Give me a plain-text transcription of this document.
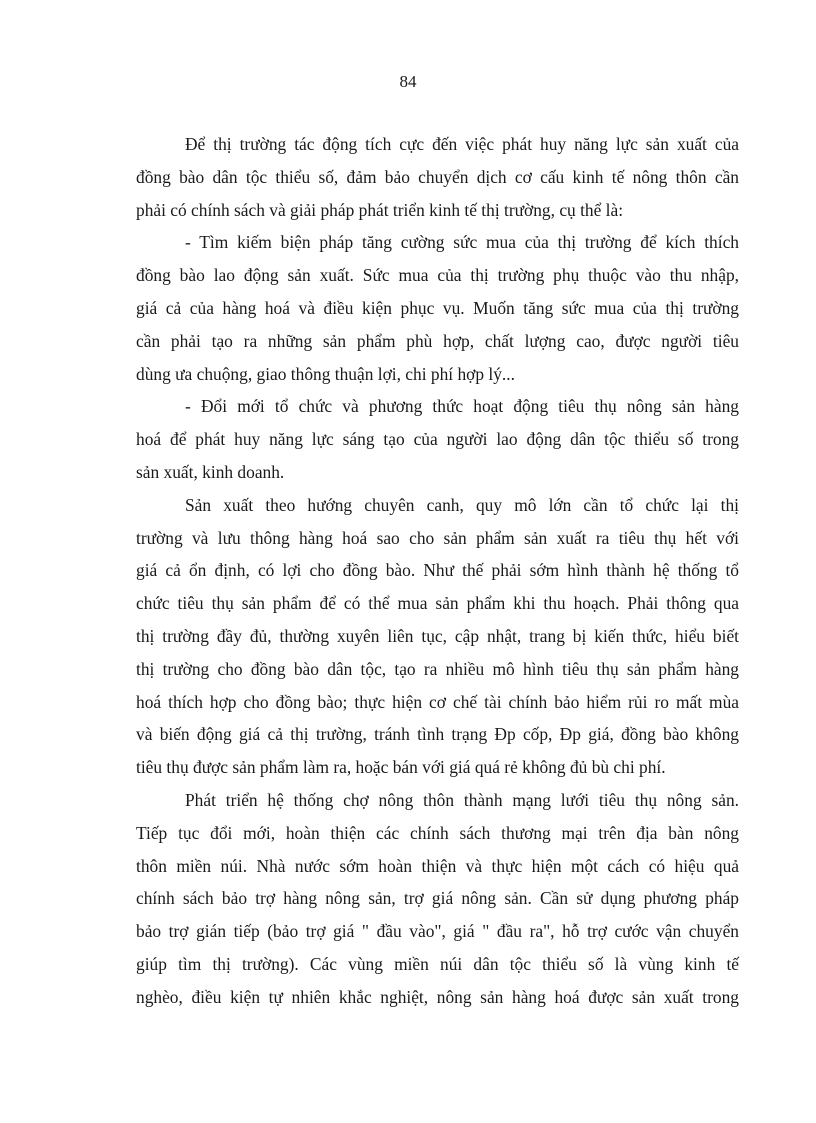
84

Để thị trường tác động tích cực đến việc phát huy năng lực sản xuất của
đồng bào dân tộc thiểu số, đảm bảo chuyển dịch cơ cấu kinh tế nông thôn cần
phải có chính sách và giải pháp phát triển kinh tế thị trường, cụ thể là:

- Tìm kiếm biện pháp tăng cường sức mua của thị trường để kích thích
đồng bào lao động sản xuất. Sức mua của thị trường phụ thuộc vào thu nhập,
giá cả của hàng hoá và điều kiện phục vụ. Muốn tăng sức mua của thị trường
cần phải tạo ra những sản phẩm phù hợp, chất lượng cao, được người tiêu
dùng ưa chuộng, giao thông thuận lợi, chi phí hợp lý...

- Đổi mới tổ chức và phương thức hoạt động tiêu thụ nông sản hàng
hoá để phát huy năng lực sáng tạo của người lao động dân tộc thiểu số trong
sản xuất, kinh doanh.

Sản xuất theo hướng chuyên canh, quy mô lớn cần tổ chức lại thị
trường và lưu thông hàng hoá sao cho sản phẩm sản xuất ra tiêu thụ hết với
giá cả ổn định, có lợi cho đồng bào. Như thế phải sớm hình thành hệ thống tổ
chức tiêu thụ sản phẩm để có thể mua sản phẩm khi thu hoạch. Phải thông qua
thị trường đầy đủ, thường xuyên liên tục, cập nhật, trang bị kiến thức, hiểu biết
thị trường cho đồng bào dân tộc, tạo ra nhiều mô hình tiêu thụ sản phẩm hàng
hoá thích hợp cho đồng bào; thực hiện cơ chế tài chính bảo hiểm rủi ro mất mùa
và biến động giá cả thị trường, tránh tình trạng Đp cốp, Đp giá, đồng bào không
tiêu thụ được sản phẩm làm ra, hoặc bán với giá quá rẻ không đủ bù chi phí.

Phát triển hệ thống chợ nông thôn thành mạng lưới tiêu thụ nông sản.
Tiếp tục đổi mới, hoàn thiện các chính sách thương mại trên địa bàn nông
thôn miền núi. Nhà nước sớm hoàn thiện và thực hiện một cách có hiệu quả
chính sách bảo trợ hàng nông sản, trợ giá nông sản. Cần sử dụng phương pháp
bảo trợ gián tiếp (bảo trợ giá " đầu vào", giá " đầu ra", hỗ trợ cước vận chuyển
giúp tìm thị trường). Các vùng miền núi dân tộc thiểu số là vùng kinh tế
nghèo, điều kiện tự nhiên khắc nghiệt, nông sản hàng hoá được sản xuất trong
